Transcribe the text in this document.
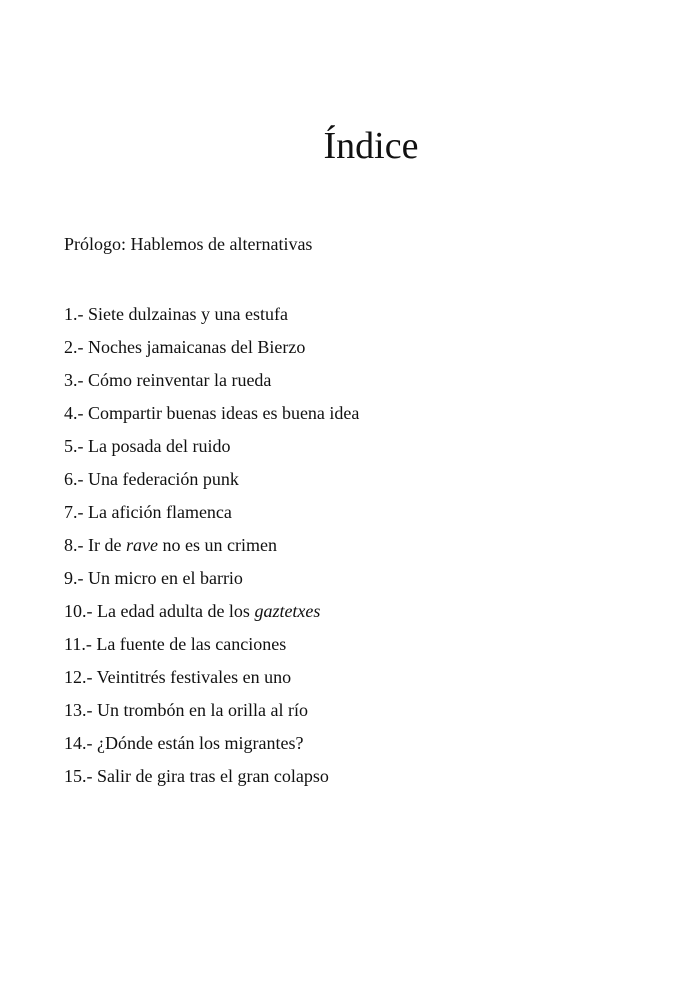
Índice

Prólogo: Hablemos de alternativas

1.- Siete dulzainas y una estufa
2.- Noches jamaicanas del Bierzo
3.- Cómo reinventar la rueda
4.- Compartir buenas ideas es buena idea
5.- La posada del ruido
6.- Una federación punk
7.- La afición flamenca
8.- Ir de rave no es un crimen
9.- Un micro en el barrio
10.- La edad adulta de los gaztetxes
11.- La fuente de las canciones
12.- Veintitrés festivales en uno
13.- Un trombón en la orilla al río
14.- ¿Dónde están los migrantes?
15.- Salir de gira tras el gran colapso
